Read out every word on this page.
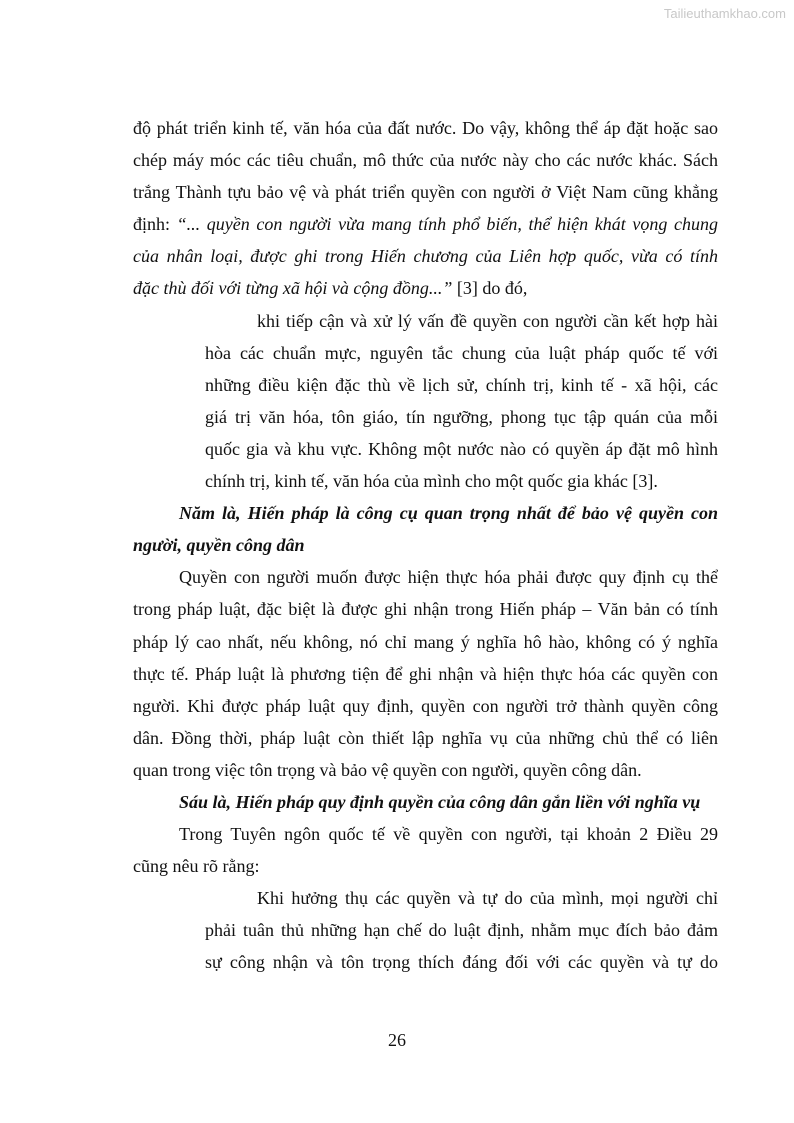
Tailieuthamkhao.com
độ phát triển kinh tế, văn hóa của đất nước. Do vậy, không thể áp đặt hoặc sao
chép máy móc các tiêu chuẩn, mô thức của nước này cho các nước khác. Sách
trắng Thành tựu bảo vệ và phát triển quyền con người ở Việt Nam cũng khẳng
định: “... quyền con người vừa mang tính phổ biến, thể hiện khát vọng chung
của nhân loại, được ghi trong Hiến chương của Liên hợp quốc, vừa có tính
đặc thù đối với từng xã hội và cộng đồng...” [3] do đó,
khi tiếp cận và xử lý vấn đề quyền con người cần kết hợp hài
hòa các chuẩn mực, nguyên tắc chung của luật pháp quốc tế với
những điều kiện đặc thù về lịch sử, chính trị, kinh tế - xã hội, các
giá trị văn hóa, tôn giáo, tín ngưỡng, phong tục tập quán của mỗi
quốc gia và khu vực. Không một nước nào có quyền áp đặt mô hình
chính trị, kinh tế, văn hóa của mình cho một quốc gia khác [3].
Năm là, Hiến pháp là công cụ quan trọng nhất để bảo vệ quyền con
người, quyền công dân
Quyền con người muốn được hiện thực hóa phải được quy định cụ thể
trong pháp luật, đặc biệt là được ghi nhận trong Hiến pháp – Văn bản có tính
pháp lý cao nhất, nếu không, nó chỉ mang ý nghĩa hô hào, không có ý nghĩa
thực tế. Pháp luật là phương tiện để ghi nhận và hiện thực hóa các quyền con
người. Khi được pháp luật quy định, quyền con người trở thành quyền công
dân. Đồng thời, pháp luật còn thiết lập nghĩa vụ của những chủ thể có liên
quan trong việc tôn trọng và bảo vệ quyền con người, quyền công dân.
Sáu là, Hiến pháp quy định quyền của công dân gắn liền với nghĩa vụ
Trong Tuyên ngôn quốc tế về quyền con người, tại khoản 2 Điều 29
cũng nêu rõ rằng:
Khi hưởng thụ các quyền và tự do của mình, mọi người chỉ
phải tuân thủ những hạn chế do luật định, nhằm mục đích bảo đảm
sự công nhận và tôn trọng thích đáng đối với các quyền và tự do
26
